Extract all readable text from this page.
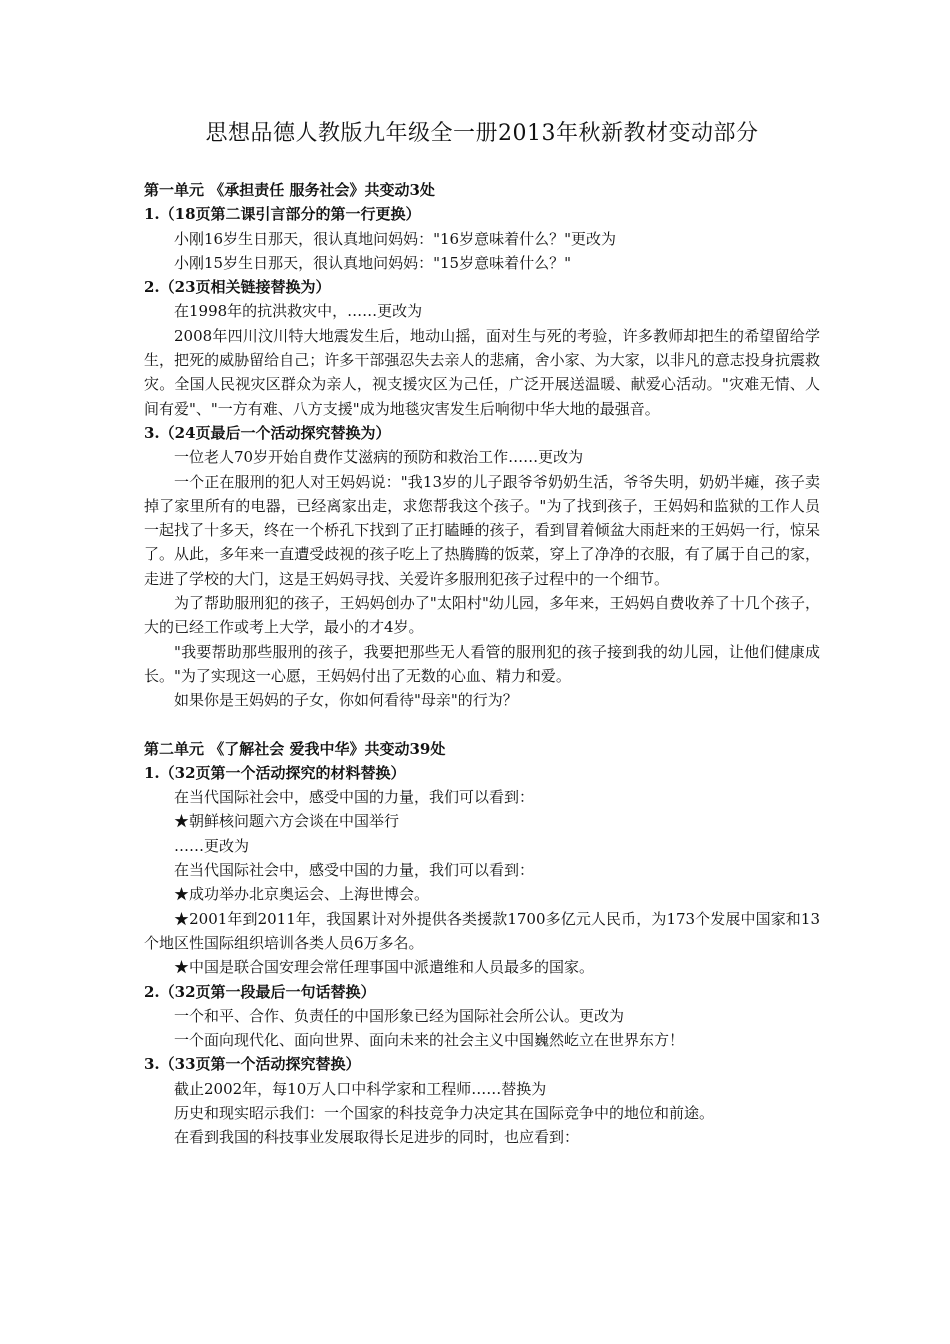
思想品德人教版九年级全一册2013年秋新教材变动部分

第一单元 《承担责任 服务社会》共变动3处

1.（18页第二课引言部分的第一行更换）

小刚16岁生日那天，很认真地问妈妈："16岁意味着什么？"更改为

小刚15岁生日那天，很认真地问妈妈："15岁意味着什么？"

2.（23页相关链接替换为）

在1998年的抗洪救灾中，……更改为

2008年四川汶川特大地震发生后，地动山摇，面对生与死的考验，许多教师却把生的希望留给学生，把死的威胁留给自己；许多干部强忍失去亲人的悲痛，舍小家、为大家，以非凡的意志投身抗震救灾。全国人民视灾区群众为亲人，视支援灾区为己任，广泛开展送温暖、献爱心活动。"灾难无情、人间有爱"、"一方有难、八方支援"成为地毯灾害发生后响彻中华大地的最强音。

3.（24页最后一个活动探究替换为）

一位老人70岁开始自费作艾滋病的预防和救治工作……更改为

一个正在服刑的犯人对王妈妈说："我13岁的儿子跟爷爷奶奶生活，爷爷失明，奶奶半瘫，孩子卖掉了家里所有的电器，已经离家出走，求您帮我这个孩子。"为了找到孩子，王妈妈和监狱的工作人员一起找了十多天，终在一个桥孔下找到了正打瞌睡的孩子，看到冒着倾盆大雨赶来的王妈妈一行，惊呆了。从此，多年来一直遭受歧视的孩子吃上了热腾腾的饭菜，穿上了净净的衣服，有了属于自己的家，走进了学校的大门，这是王妈妈寻找、关爱许多服刑犯孩子过程中的一个细节。

为了帮助服刑犯的孩子，王妈妈创办了"太阳村"幼儿园，多年来，王妈妈自费收养了十几个孩子，大的已经工作或考上大学，最小的才4岁。

"我要帮助那些服刑的孩子，我要把那些无人看管的服刑犯的孩子接到我的幼儿园，让他们健康成长。"为了实现这一心愿，王妈妈付出了无数的心血、精力和爱。

如果你是王妈妈的子女，你如何看待"母亲"的行为？

第二单元 《了解社会 爱我中华》共变动39处

1.（32页第一个活动探究的材料替换）

在当代国际社会中，感受中国的力量，我们可以看到：

★朝鲜核问题六方会谈在中国举行

……更改为

在当代国际社会中，感受中国的力量，我们可以看到：

★成功举办北京奥运会、上海世博会。

★2001年到2011年，我国累计对外提供各类援款1700多亿元人民币，为173个发展中国家和13个地区性国际组织培训各类人员6万多名。

★中国是联合国安理会常任理事国中派遣维和人员最多的国家。

2.（32页第一段最后一句话替换）

一个和平、合作、负责任的中国形象已经为国际社会所公认。更改为

一个面向现代化、面向世界、面向未来的社会主义中国巍然屹立在世界东方！

3.（33页第一个活动探究替换）

截止2002年，每10万人口中科学家和工程师……替换为

历史和现实昭示我们：一个国家的科技竞争力决定其在国际竞争中的地位和前途。

在看到我国的科技事业发展取得长足进步的同时，也应看到：
